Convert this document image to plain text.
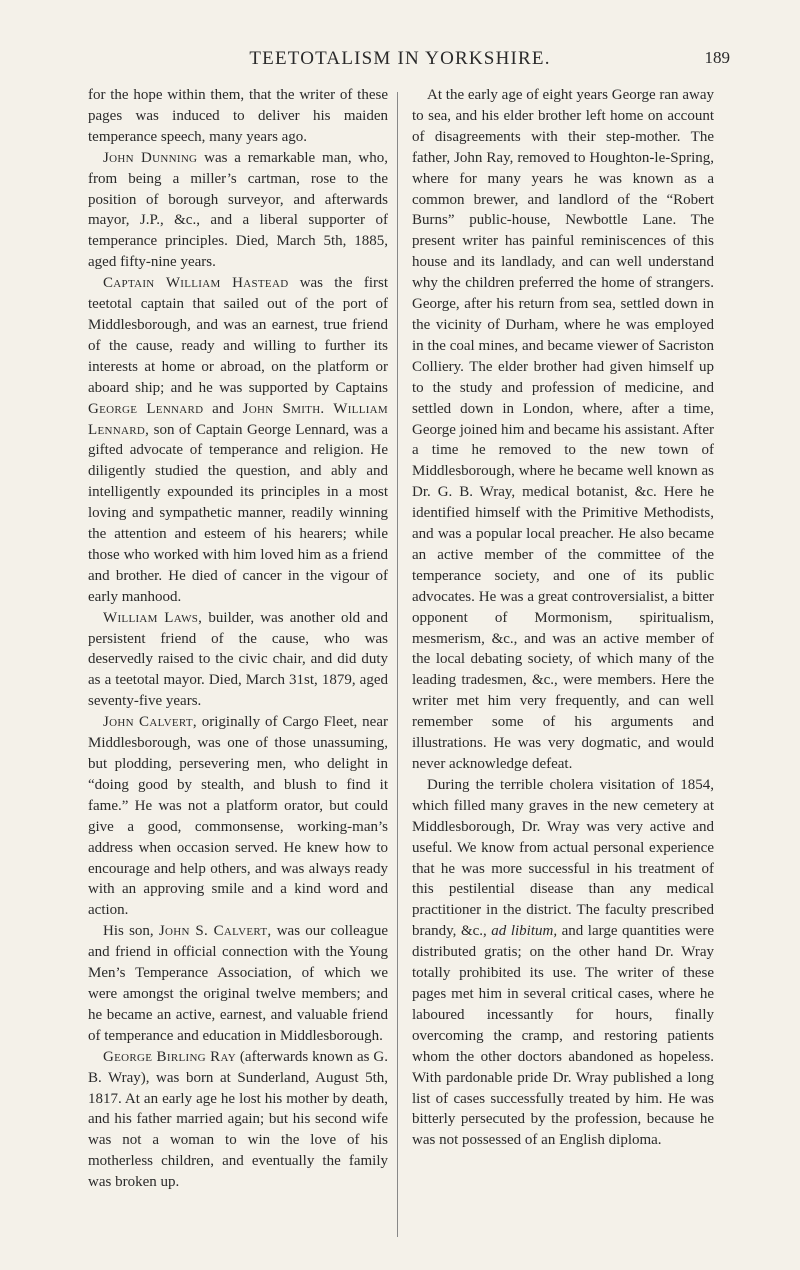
TEETOTALISM IN YORKSHIRE.	189

for the hope within them, that the writer of these pages was induced to deliver his maiden temperance speech, many years ago.

John Dunning was a remarkable man, who, from being a miller’s cartman, rose to the position of borough surveyor, and afterwards mayor, J.P., &c., and a liberal supporter of temperance principles. Died, March 5th, 1885, aged fifty-nine years.

Captain William Hastead was the first teetotal captain that sailed out of the port of Middlesborough, and was an earnest, true friend of the cause, ready and willing to further its interests at home or abroad, on the platform or aboard ship; and he was supported by Captains George Lennard and John Smith. William Lennard, son of Captain George Lennard, was a gifted advocate of temperance and religion. He diligently studied the question, and ably and intelligently expounded its principles in a most loving and sympathetic manner, readily winning the attention and esteem of his hearers; while those who worked with him loved him as a friend and brother. He died of cancer in the vigour of early manhood.

William Laws, builder, was another old and persistent friend of the cause, who was deservedly raised to the civic chair, and did duty as a teetotal mayor. Died, March 31st, 1879, aged seventy-five years.

John Calvert, originally of Cargo Fleet, near Middlesborough, was one of those unassuming, but plodding, persevering men, who delight in “doing good by stealth, and blush to find it fame.” He was not a platform orator, but could give a good, commonsense, working-man’s address when occasion served. He knew how to encourage and help others, and was always ready with an approving smile and a kind word and action.

His son, John S. Calvert, was our colleague and friend in official connection with the Young Men’s Temperance Association, of which we were amongst the original twelve members; and he became an active, earnest, and valuable friend of temperance and education in Middlesborough.

George Birling Ray (afterwards known as G. B. Wray), was born at Sunderland, August 5th, 1817. At an early age he lost his mother by death, and his father married again; but his second wife was not a woman to win the love of his motherless children, and eventually the family was broken up.

At the early age of eight years George ran away to sea, and his elder brother left home on account of disagreements with their step-mother. The father, John Ray, removed to Houghton-le-Spring, where for many years he was known as a common brewer, and landlord of the “Robert Burns” public-house, Newbottle Lane. The present writer has painful reminiscences of this house and its landlady, and can well understand why the children preferred the home of strangers. George, after his return from sea, settled down in the vicinity of Durham, where he was employed in the coal mines, and became viewer of Sacriston Colliery. The elder brother had given himself up to the study and profession of medicine, and settled down in London, where, after a time, George joined him and became his assistant. After a time he removed to the new town of Middlesborough, where he became well known as Dr. G. B. Wray, medical botanist, &c. Here he identified himself with the Primitive Methodists, and was a popular local preacher. He also became an active member of the committee of the temperance society, and one of its public advocates. He was a great controversialist, a bitter opponent of Mormonism, spiritualism, mesmerism, &c., and was an active member of the local debating society, of which many of the leading tradesmen, &c., were members. Here the writer met him very frequently, and can well remember some of his arguments and illustrations. He was very dogmatic, and would never acknowledge defeat.

During the terrible cholera visitation of 1854, which filled many graves in the new cemetery at Middlesborough, Dr. Wray was very active and useful. We know from actual personal experience that he was more successful in his treatment of this pestilential disease than any medical practitioner in the district. The faculty prescribed brandy, &c., ad libitum, and large quantities were distributed gratis; on the other hand Dr. Wray totally prohibited its use. The writer of these pages met him in several critical cases, where he laboured incessantly for hours, finally overcoming the cramp, and restoring patients whom the other doctors abandoned as hopeless. With pardonable pride Dr. Wray published a long list of cases successfully treated by him. He was bitterly persecuted by the profession, because he was not possessed of an English diploma.
